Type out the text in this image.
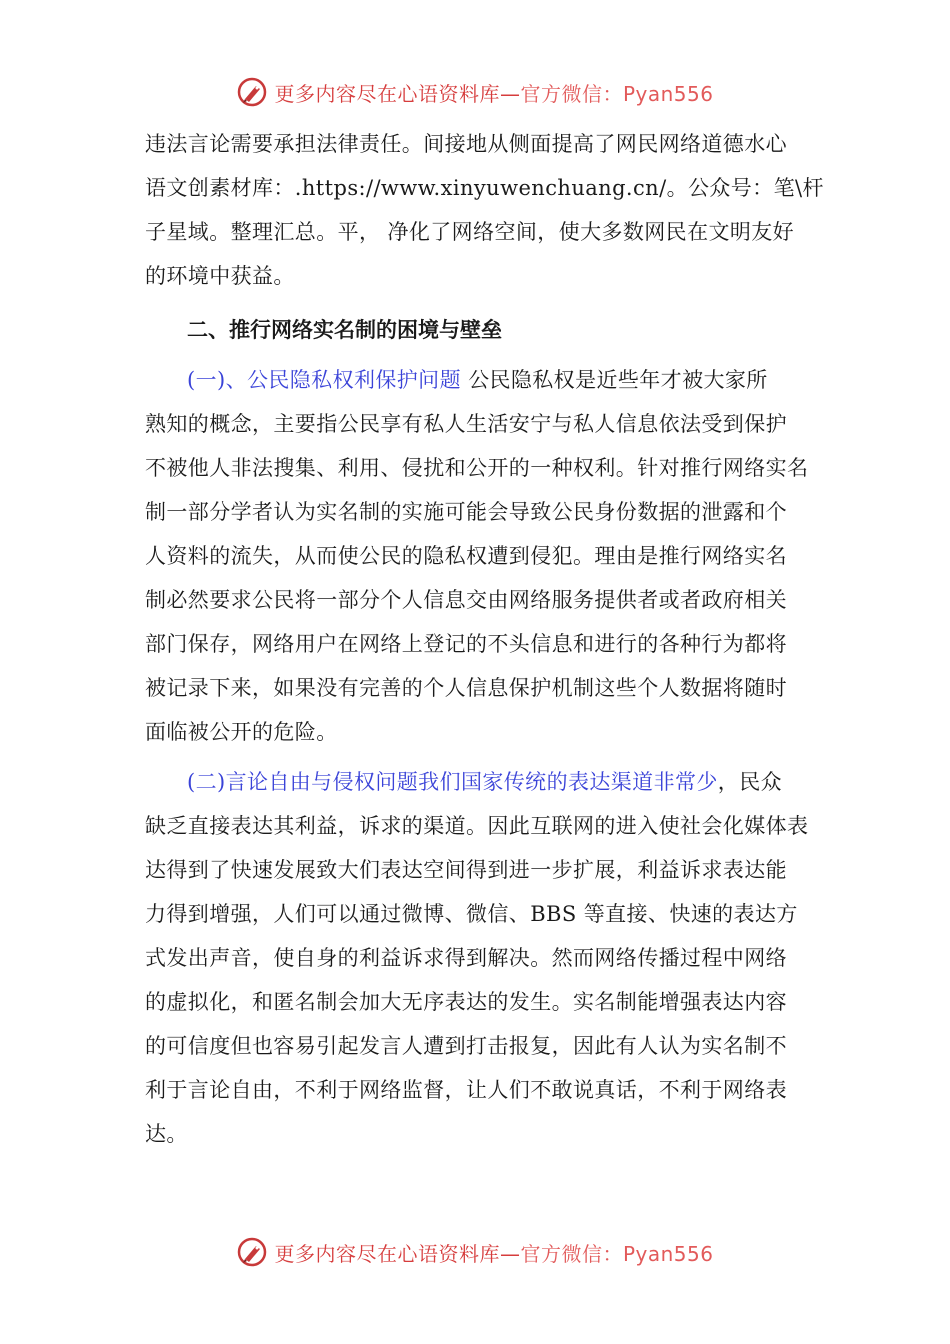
更多内容尽在心语资料库—官方微信：Pyan556
违法言论需要承担法律责任。间接地从侧面提高了网民网络道德水心
语文创素材库：.https://www.xinyuwenchuang.cn/。公众号：笔\杆
子星域。整理汇总。平， 净化了网络空间，使大多数网民在文明友好
的环境中获益。
二、推行网络实名制的困境与壁垒
(一)、公民隐私权利保护问题 公民隐私权是近些年才被大家所
熟知的概念，主要指公民享有私人生活安宁与私人信息依法受到保护
不被他人非法搜集、利用、侵扰和公开的一种权利。针对推行网络实名
制一部分学者认为实名制的实施可能会导致公民身份数据的泄露和个
人资料的流失，从而使公民的隐私权遭到侵犯。理由是推行网络实名
制必然要求公民将一部分个人信息交由网络服务提供者或者政府相关
部门保存，网络用户在网络上登记的不头信息和进行的各种行为都将
被记录下来，如果没有完善的个人信息保护机制这些个人数据将随时
面临被公开的危险。
(二)言论自由与侵权问题我们国家传统的表达渠道非常少，民众
缺乏直接表达其利益，诉求的渠道。因此互联网的进入使社会化媒体表
达得到了快速发展致大们表达空间得到进一步扩展，利益诉求表达能
力得到增强，人们可以通过微博、微信、BBS 等直接、快速的表达方
式发出声音，使自身的利益诉求得到解决。然而网络传播过程中网络
的虚拟化，和匿名制会加大无序表达的发生。实名制能增强表达内容
的可信度但也容易引起发言人遭到打击报复，因此有人认为实名制不
利于言论自由，不利于网络监督，让人们不敢说真话，不利于网络表
达。
更多内容尽在心语资料库—官方微信：Pyan556
